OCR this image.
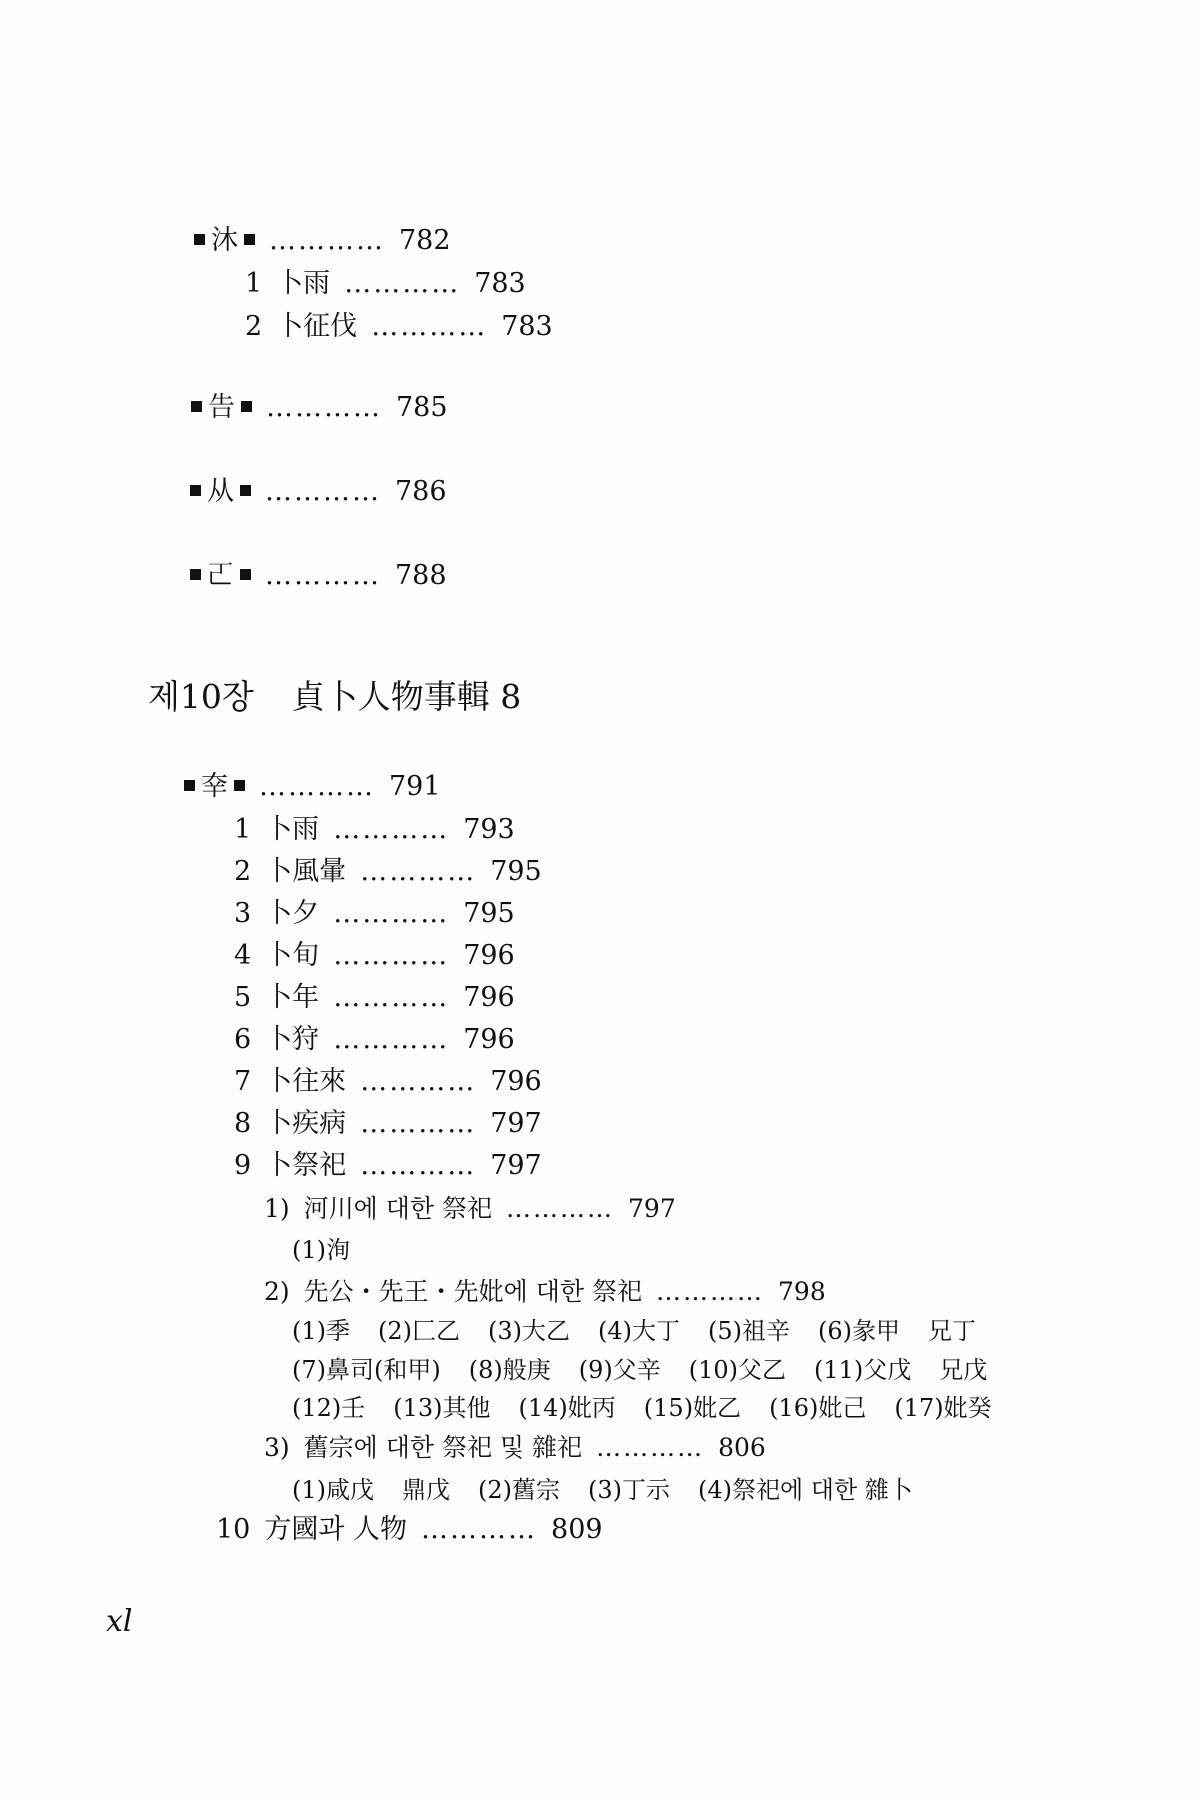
沐 ………… 782
1 卜雨 ………… 783
2 卜征伐 ………… 783
告 ………… 785
从 ………… 786
𠀀 ………… 788
제10장 貞卜人物事輯 8
㚔 ………… 791
1 卜雨 ………… 793
2 卜風暈 ………… 795
3 卜夕 ………… 795
4 卜旬 ………… 796
5 卜年 ………… 796
6 卜狩 ………… 796
7 卜往來 ………… 796
8 卜疾病 ………… 797
9 卜祭祀 ………… 797
1) 河川에 대한 祭祀 ………… 797
(1)洵
2) 先公・先王・先妣에 대한 祭祀 ………… 798
(1)季 (2)匚乙 (3)大乙 (4)大丁 (5)祖辛 (6)彖甲 兄丁
(7)鼻司(和甲) (8)般庚 (9)父辛 (10)父乙 (11)父戊 兄戊
(12)壬 (13)其他 (14)妣丙 (15)妣乙 (16)妣己 (17)妣癸
3) 舊宗에 대한 祭祀 및 雜祀 ………… 806
(1)咸戊 鼎戊 (2)舊宗 (3)丁示 (4)祭祀에 대한 雜卜
10 方國과 人物 ………… 809
xl
